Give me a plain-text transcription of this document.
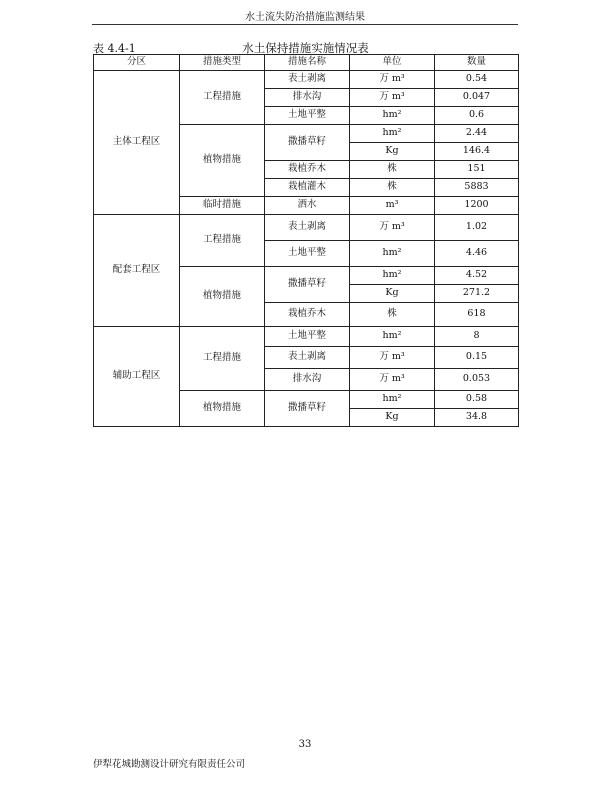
水土流失防治措施监测结果
表 4.4-1	水土保持措施实施情况表
分区	措施类型	措施名称	单位	数量
主体工程区	工程措施	表土剥离	万 m³	0.54
		排水沟	万 m³	0.047
		土地平整	hm²	0.6
	植物措施	撒播草籽	hm²	2.44
			Kg	146.4
		栽植乔木	株	151
		栽植灌木	株	5883
	临时措施	洒水	m³	1200
配套工程区	工程措施	表土剥离	万 m³	1.02
		土地平整	hm²	4.46
	植物措施	撒播草籽	hm²	4.52
			Kg	271.2
		栽植乔木	株	618
辅助工程区	工程措施	土地平整	hm²	8
		表土剥离	万 m³	0.15
		排水沟	万 m³	0.053
	植物措施	撒播草籽	hm²	0.58
			Kg	34.8
33
伊犁花城勘测设计研究有限责任公司
